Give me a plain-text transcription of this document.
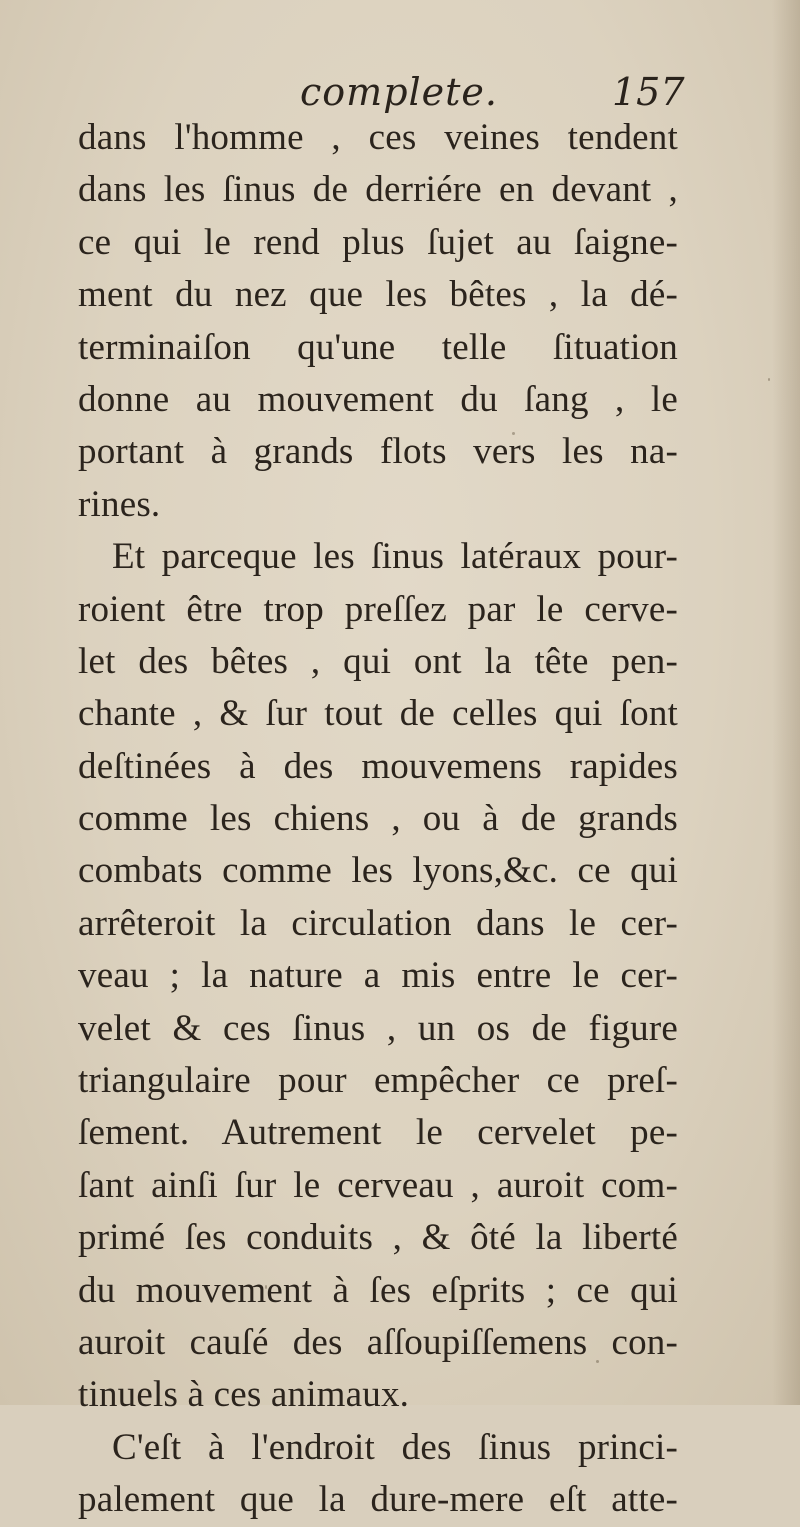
complete.	157
dans l'homme , ces veines tendent
dans les ſinus de derriére en devant ,
ce qui le rend plus ſujet au ſaigne-
ment du nez que les bêtes , la dé-
terminaiſon qu'une telle ſituation
donne au mouvement du ſang , le
portant à grands flots vers les na-
rines.
Et parceque les ſinus latéraux pour-
roient être trop preſſez par le cerve-
let des bêtes , qui ont la tête pen-
chante , & ſur tout de celles qui ſont
deſtinées à des mouvemens rapides
comme les chiens , ou à de grands
combats comme les lyons,&c. ce qui
arrêteroit la circulation dans le cer-
veau ; la nature a mis entre le cer-
velet & ces ſinus , un os de figure
triangulaire pour empêcher ce preſ-
ſement. Autrement le cervelet pe-
ſant ainſi ſur le cerveau , auroit com-
primé ſes conduits , & ôté la liberté
du mouvement à ſes eſprits ; ce qui
auroit cauſé des aſſoupiſſemens con-
tinuels à ces animaux.
C'eſt à l'endroit des ſinus princi-
palement que la dure-mere eſt atte-
